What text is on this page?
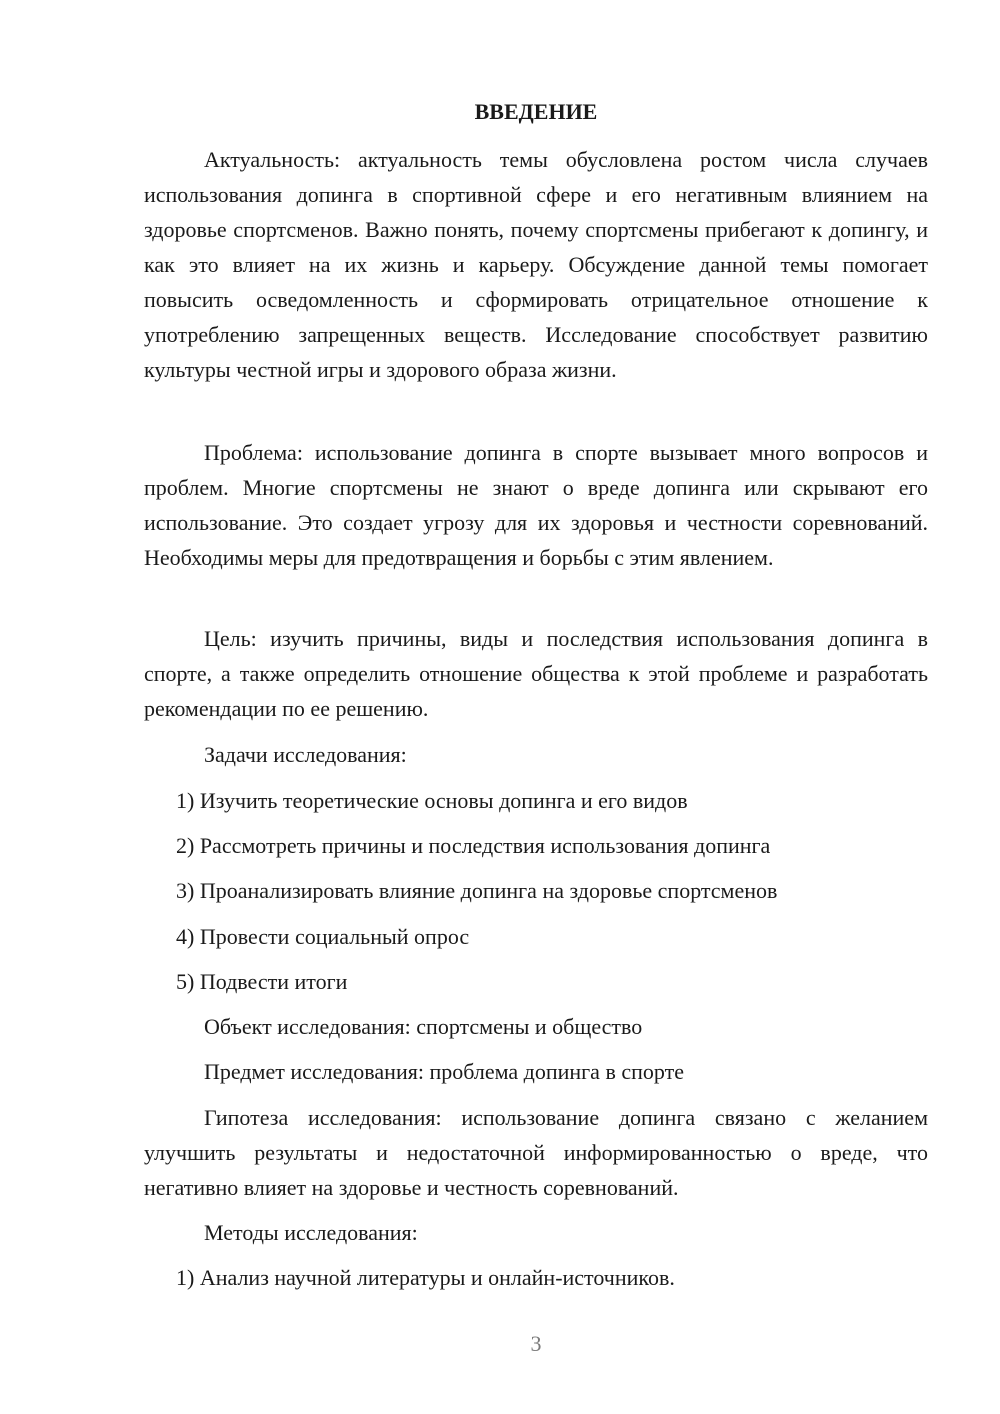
ВВЕДЕНИЕ

Актуальность: актуальность темы обусловлена ростом числа случаев использования допинга в спортивной сфере и его негативным влиянием на здоровье спортсменов. Важно понять, почему спортсмены прибегают к допингу, и как это влияет на их жизнь и карьеру. Обсуждение данной темы помогает повысить осведомленность и сформировать отрицательное отношение к употреблению запрещенных веществ. Исследование способствует развитию культуры честной игры и здорового образа жизни.

Проблема: использование допинга в спорте вызывает много вопросов и проблем. Многие спортсмены не знают о вреде допинга или скрывают его использование. Это создает угрозу для их здоровья и честности соревнований. Необходимы меры для предотвращения и борьбы с этим явлением.

Цель: изучить причины, виды и последствия использования допинга в спорте, а также определить отношение общества к этой проблеме и разработать рекомендации по ее решению.

Задачи исследования:

1) Изучить теоретические основы допинга и его видов

2) Рассмотреть причины и последствия использования допинга

3) Проанализировать влияние допинга на здоровье спортсменов

4) Провести социальный опрос

5) Подвести итоги

Объект исследования: спортсмены и общество

Предмет исследования: проблема допинга в спорте

Гипотеза исследования: использование допинга связано с желанием улучшить результаты и недостаточной информированностью о вреде, что негативно влияет на здоровье и честность соревнований.

Методы исследования:

1) Анализ научной литературы и онлайн-источников.

3
